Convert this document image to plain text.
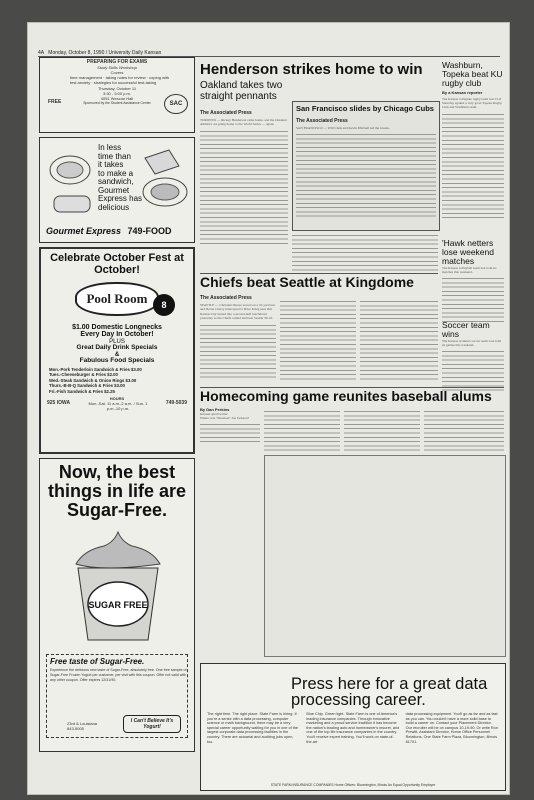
4A Monday, October 8, 1990 / University Daily Kansan
PREPARING FOR EXAMS
Study Skills Workshop
Covers
time management · taking notes for review · coping with test anxiety · strategies for successful test-taking
FREE
Thursday, October 11
3:30 - 5:00 p.m.
4051 Wescoe Hall
Sponsored by the Student Assistance Center	SAC
In less
time than
it takes
to make a
sandwich,
Gourmet
Express has
delicious
Gourmet Express 749-FOOD
Celebrate October Fest at October!
Pool Room	8
$1.00 Domestic Longnecks
Every Day In October!
PLUS
Great Daily Drink Specials
&
Fabulous Food Specials
Mon.-Pork Tenderloin Sandwich & Fries $3.00
Tues.-Cheeseburger & Fries $2.00
Wed.-Steak Sandwich & Onion Rings $3.00
Thurs.-B-B-Q Sandwich & Fries $3.00
Fri.-Fish Sandwich & Fries $2.25
HOURS
925 IOWA	Mon.-Sat. 11 a.m.-2 a.m. / Sun. 1 p.m.-10 p.m.
749-5039
Now, the best things in life are Sugar-Free.
SUGAR FREE
Free taste of Sugar-Free.
Experience the delicious new taste of Sugar-Free, absolutely free. One free sample of Sugar-Free Frozen Yogurt per customer, per visit with this coupon. Offer not valid with any other coupon. Offer expires 12/31/90.
23rd & Louisiana
843-5005
I Can't Believe It's Yogurt!
Henderson strikes home to win
Oakland takes two straight pennants
The Associated Press
TORONTO — Rickey Henderson came home, and the Oakland Athletics are going home to the World Series — again.
San Francisco slides by Chicago Cubs
The Associated Press
SAN FRANCISCO — Will Clark and Kevin Mitchell led the Giants.
Washburn, Topeka beat KU rugby club
By a Kansan reporter
The Kansas collegiate rugby team lost 15-8 Saturday against a very good Topeka Rugby Club and Washburn team.
'Hawk netters lose weekend matches
The Kansas volleyball team lost both its matches this weekend.
Soccer team wins
The Kansas women's soccer team won both its games this weekend.
Chiefs beat Seattle at Kingdome
The Associated Press
SEATTLE — Christian Okoye scored on a 16-yard run and Deron Cherry intercepted a Dave Krieg pass that Kansas City turned into a second-half touchdown yesterday as the Chiefs rallied and beat Seattle 30-19.
Homecoming game reunites baseball alums
By Dan Perkins
Kansan sportswriter
Where was "Shoeless" Joe Jackson?
Press here for a great data processing career.
The right time. The right place. State Farm is hiring. If you're a senior with a data processing, computer science or math background, there may be a very special career opportunity waiting for you in one of the largest corporate data processing facilities in the country. There are actuarial and auditing jobs open, too.
Blue Chip. Green light. State Farm is one of America's leading insurance companies. Through innovative marketing and a proud service tradition it has become the nation's leading auto and homeowner's insurer, and one of the top life insurance companies in the country. You'll receive expert training. You'll work on state-of-the-art
data processing equipment. You'll go as far and as fast as you can. You couldn't have a more solid base to build a career on. Contact your Placement Director. Our recruiter will be on campus 10-19-90. Or write Ron Prewitt, Assistant Director, Home Office Personnel Relations, One State Farm Plaza, Bloomington, Illinois 61701.
STATE FARM INSURANCE COMPANIES Home Offices: Bloomington, Illinois An Equal Opportunity Employer
